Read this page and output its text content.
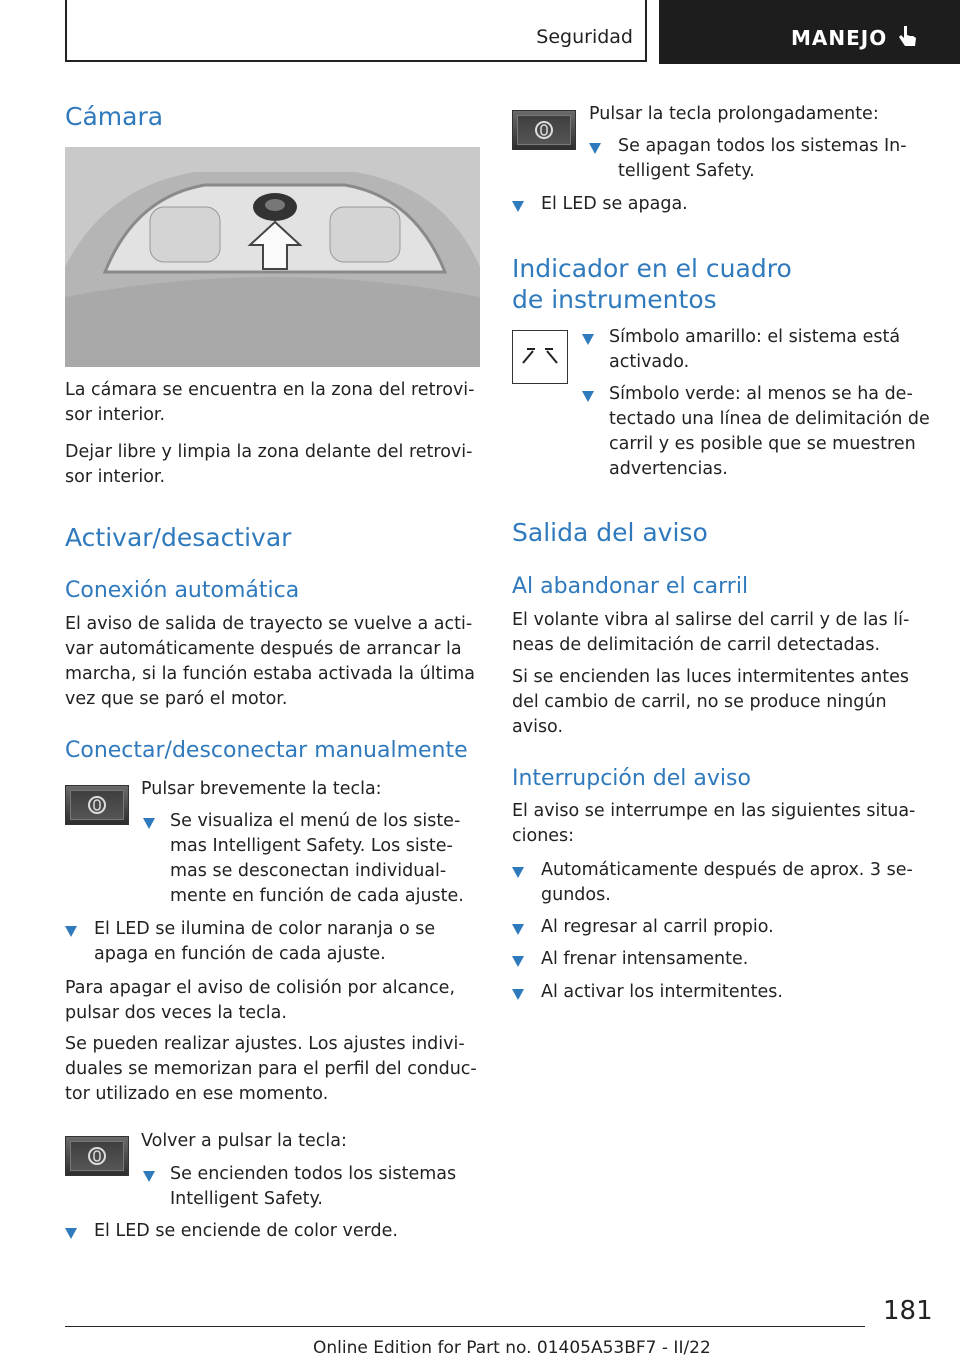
Seguridad	MANEJO
Cámara

La cámara se encuentra en la zona del retrovi-
sor interior.

Dejar libre y limpia la zona delante del retrovi-
sor interior.

Activar/desactivar
Conexión automática

El aviso de salida de trayecto se vuelve a acti-
var automáticamente después de arrancar la
marcha, si la función estaba activada la última
vez que se paró el motor.

Conectar/desconectar manualmente

Pulsar brevemente la tecla:

Se visualiza el menú de los siste-
mas Intelligent Safety. Los siste-
mas se desconectan individual-
mente en función de cada ajuste.

El LED se ilumina de color naranja o se
apaga en función de cada ajuste.

Para apagar el aviso de colisión por alcance,
pulsar dos veces la tecla.

Se pueden realizar ajustes. Los ajustes indivi-
duales se memorizan para el perfil del conduc-
tor utilizado en ese momento.

Volver a pulsar la tecla:

Se encienden todos los sistemas
Intelligent Safety.

El LED se enciende de color verde.

Pulsar la tecla prolongadamente:

Se apagan todos los sistemas In-
telligent Safety.

El LED se apaga.

Indicador en el cuadro
de instrumentos

Símbolo amarillo: el sistema está
activado.

Símbolo verde: al menos se ha de-
tectado una línea de delimitación de
carril y es posible que se muestren
advertencias.

Salida del aviso
Al abandonar el carril

El volante vibra al salirse del carril y de las lí-
neas de delimitación de carril detectadas.

Si se encienden las luces intermitentes antes
del cambio de carril, no se produce ningún
aviso.

Interrupción del aviso

El aviso se interrumpe en las siguientes situa-
ciones:

Automáticamente después de aprox. 3 se-
gundos.

Al regresar al carril propio.

Al frenar intensamente.

Al activar los intermitentes.

181
Online Edition for Part no. 01405A53BF7 - II/22
